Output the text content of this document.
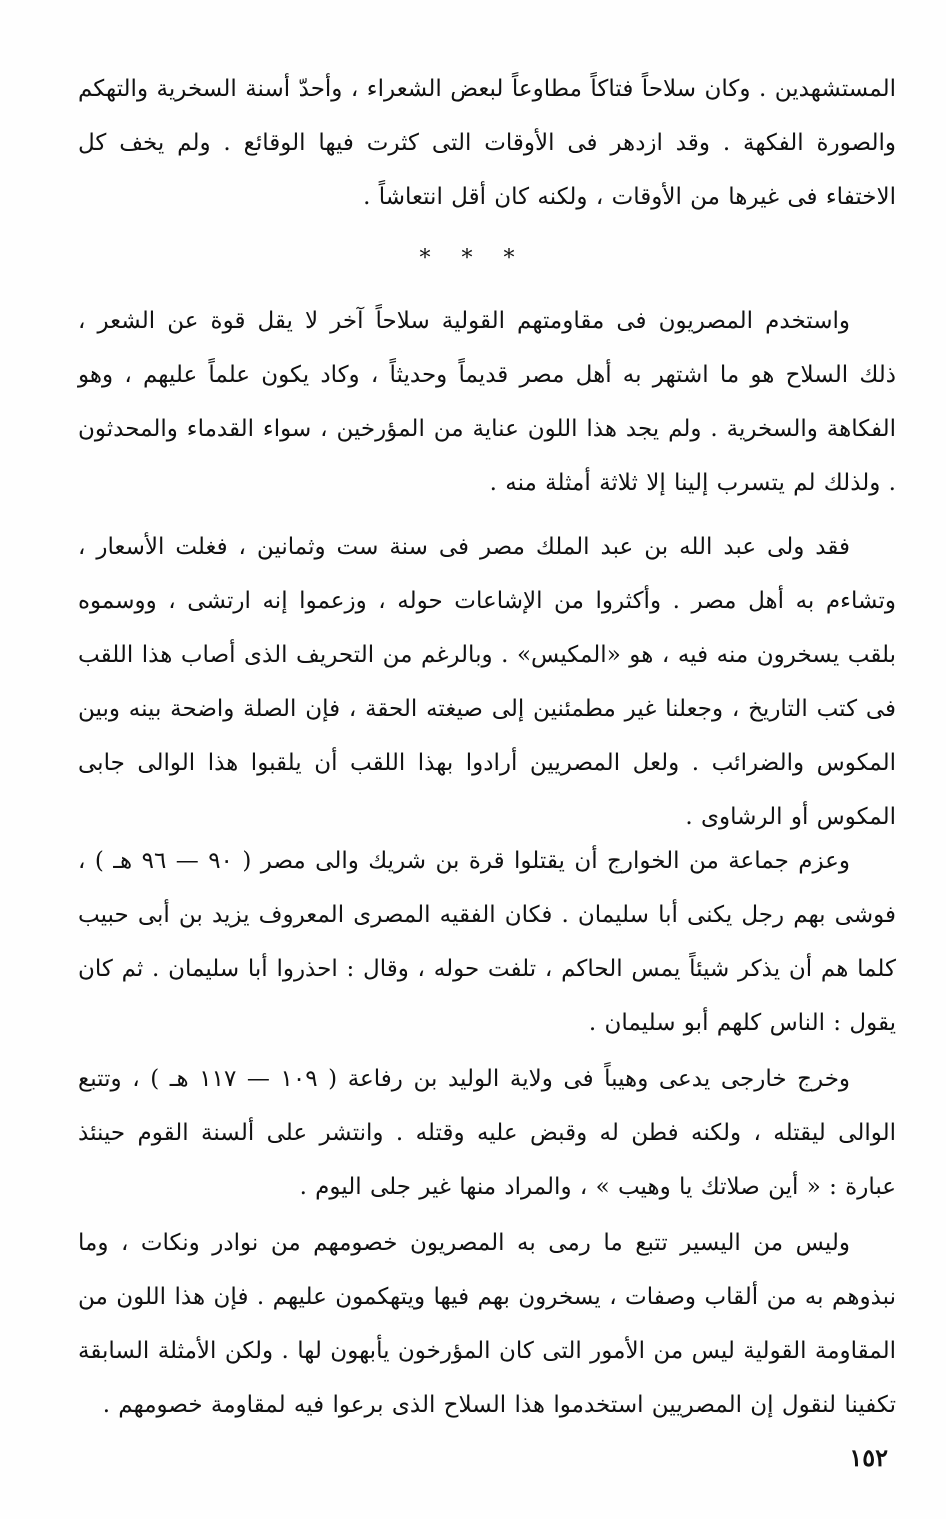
المستشهدين . وكان سلاحاً فتاكاً مطاوعاً لبعض الشعراء ، وأحدّ أسنة السخرية والتهكم والصورة الفكهة . وقد ازدهر فى الأوقات التى كثرت فيها الوقائع . ولم يخف كل الاختفاء فى غيرها من الأوقات ، ولكنه كان أقل انتعاشاً .

* * *

واستخدم المصريون فى مقاومتهم القولية سلاحاً آخر لا يقل قوة عن الشعر ، ذلك السلاح هو ما اشتهر به أهل مصر قديماً وحديثاً ، وكاد يكون علماً عليهم ، وهو الفكاهة والسخرية . ولم يجد هذا اللون عناية من المؤرخين ، سواء القدماء والمحدثون . ولذلك لم يتسرب إلينا إلا ثلاثة أمثلة منه .

فقد ولى عبد الله بن عبد الملك مصر فى سنة ست وثمانين ، فغلت الأسعار ، وتشاءم به أهل مصر . وأكثروا من الإشاعات حوله ، وزعموا إنه ارتشى ، ووسموه بلقب يسخرون منه فيه ، هو «المكيس» . وبالرغم من التحريف الذى أصاب هذا اللقب فى كتب التاريخ ، وجعلنا غير مطمئنين إلى صيغته الحقة ، فإن الصلة واضحة بينه وبين المكوس والضرائب . ولعل المصريين أرادوا بهذا اللقب أن يلقبوا هذا الوالى جابى المكوس أو الرشاوى .

وعزم جماعة من الخوارج أن يقتلوا قرة بن شريك والى مصر ( ٩٠ — ٩٦ هـ ) ، فوشى بهم رجل يكنى أبا سليمان . فكان الفقيه المصرى المعروف يزيد بن أبى حبيب كلما هم أن يذكر شيئاً يمس الحاكم ، تلفت حوله ، وقال : احذروا أبا سليمان . ثم كان يقول : الناس كلهم أبو سليمان .

وخرج خارجى يدعى وهيباً فى ولاية الوليد بن رفاعة ( ١٠٩ — ١١٧ هـ ) ، وتتبع الوالى ليقتله ، ولكنه فطن له وقبض عليه وقتله . وانتشر على ألسنة القوم حينئذ عبارة : « أين صلاتك يا وهيب » ، والمراد منها غير جلى اليوم .

وليس من اليسير تتبع ما رمى به المصريون خصومهم من نوادر ونكات ، وما نبذوهم به من ألقاب وصفات ، يسخرون بهم فيها ويتهكمون عليهم . فإن هذا اللون من المقاومة القولية ليس من الأمور التى كان المؤرخون يأبهون لها . ولكن الأمثلة السابقة تكفينا لنقول إن المصريين استخدموا هذا السلاح الذى برعوا فيه لمقاومة خصومهم .

١٥٢
